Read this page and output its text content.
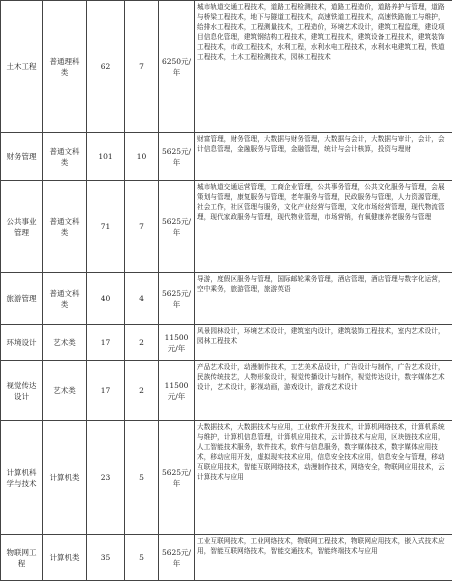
土木工程	普通理科类	62	7	6250元/年	城市轨道交通工程技术，道路工程检测技术，道路工程造价，道路养护与管理，道路与桥梁工程技术，地下与隧道工程技术，高速铁道工程技术，高速铁路施工与维护，给排水工程技术，工程测量技术，工程造价，环境艺术设计，建筑工程监理，建设项目信息化管理，建筑钢结构工程技术，建筑工程技术，建筑设备工程技术，建筑装饰工程技术，市政工程技术，水利工程，水利水电工程技术，水利水电建筑工程，铁道工程技术，土木工程检测技术，园林工程技术

财务管理	普通文科类	101	10	5625元/年	财富管理，财务管理，大数据与财务管理，大数据与会计，大数据与审计，会计，会计信息管理，金融服务与管理，金融管理，统计与会计核算，投资与理财

公共事业管理	普通文科类	71	7	5625元/年	城市轨道交通运营管理，工商企业管理，公共事务管理，公共文化服务与管理，会展策划与管理，康复服务与管理，老年服务与管理，民政服务与管理，人力资源管理，社会工作，社区管理与服务，文化产业经营与管理，文化市场经营管理，现代物流管理，现代家政服务与管理，现代物业管理，市场营销，有氧健康养老服务与管理

旅游管理	普通文科类	40	4	5625元/年	导游，度假区服务与管理，国际邮轮乘务管理，酒店管理，酒店管理与数字化运营，空中乘务，旅游管理，旅游英语

环境设计	艺术类	17	2	11500元/年	风景园林设计，环境艺术设计，建筑室内设计，建筑装饰工程技术，室内艺术设计，园林工程技术

视觉传达设计	艺术类	17	2	11500元/年	产品艺术设计，动漫制作技术，工艺美术品设计，广告设计与制作，广告艺术设计，民族传统技艺，人物形象设计，视觉传播设计与制作，视觉传达设计，数字媒体艺术设计，艺术设计，影视动画，游戏设计，游戏艺术设计

计算机科学与技术	计算机类	23	5	5625元/年	大数据技术，大数据技术与应用，工业软件开发技术，计算机网络技术，计算机系统与维护，计算机信息管理，计算机应用技术，云计算技术与应用，区块链技术应用，人工智能技术服务，软件技术，软件与信息服务，数字媒体技术，数字媒体应用技术，移动应用开发，虚拟现实技术应用，信息安全技术应用，信息安全与管理，移动互联应用技术，智能互联网络技术，动漫制作技术，网络安全，物联网应用技术，云计算技术与应用

物联网工程	计算机类	35	5	5625元/年	工业互联网技术，工业网络技术，物联网工程技术，物联网应用技术，嵌入式技术应用，智能互联网络技术，智能交通技术，智能终端技术与应用
